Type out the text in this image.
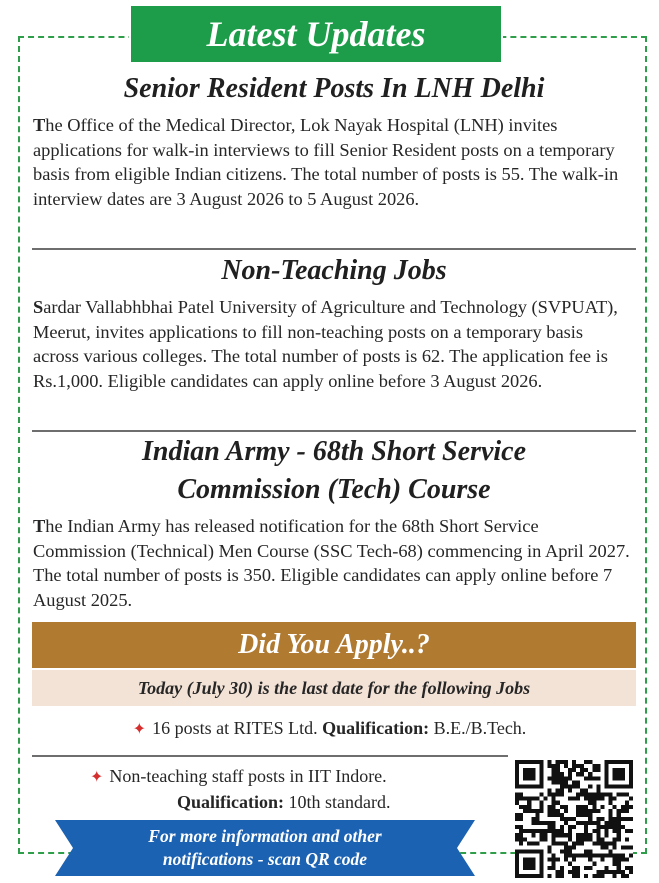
Latest Updates
Senior Resident Posts In LNH Delhi
The Office of the Medical Director, Lok Nayak Hospital (LNH) invites applications for walk-in interviews to fill Senior Resident posts on a temporary basis from eligible Indian citizens. The total number of posts is 55. The walk-in interview dates are 3 August 2026 to 5 August 2026.
Non-Teaching Jobs
Sardar Vallabhbhai Patel University of Agriculture and Technology (SVPUAT), Meerut, invites applications to fill non-teaching posts on a temporary basis across various colleges. The total number of posts is 62. The application fee is Rs.1,000. Eligible candidates can apply online before 3 August 2026.
Indian Army - 68th Short Service
Commission (Tech) Course
The Indian Army has released notification for the 68th Short Service Commission (Technical) Men Course (SSC Tech-68) commencing in April 2027. The total number of posts is 350. Eligible candidates can apply online before 7 August 2025.
Did You Apply..?
Today (July 30) is the last date for the following Jobs
✦ 16 posts at RITES Ltd. Qualification: B.E./B.Tech.
✦ Non-teaching staff posts in IIT Indore.
Qualification: 10th standard.
For more information and other
notifications - scan QR code
